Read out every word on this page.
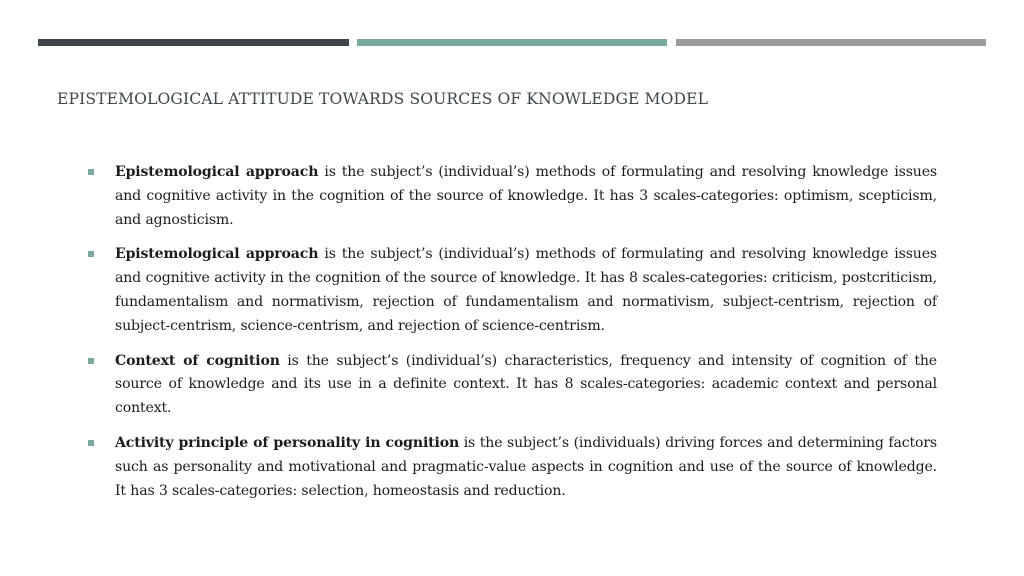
EPISTEMOLOGICAL ATTITUDE TOWARDS SOURCES OF KNOWLEDGE MODEL
Epistemological approach is the subject’s (individual’s) methods of formulating and resolving knowledge issues and cognitive activity in the cognition of the source of knowledge. It has 3 scales-categories: optimism, scepticism, and agnosticism.
Epistemological approach is the subject’s (individual’s) methods of formulating and resolving knowledge issues and cognitive activity in the cognition of the source of knowledge. It has 8 scales-categories: criticism, postcriticism, fundamentalism and normativism, rejection of fundamentalism and normativism, subject-centrism, rejection of subject-centrism, science-centrism, and rejection of science-centrism.
Context of cognition is the subject’s (individual’s) characteristics, frequency and intensity of cognition of the source of knowledge and its use in a definite context. It has 8 scales-categories: academic context and personal context.
Activity principle of personality in cognition is the subject’s (individuals) driving forces and determining factors such as personality and motivational and pragmatic-value aspects in cognition and use of the source of knowledge. It has 3 scales-categories: selection, homeostasis and reduction.
